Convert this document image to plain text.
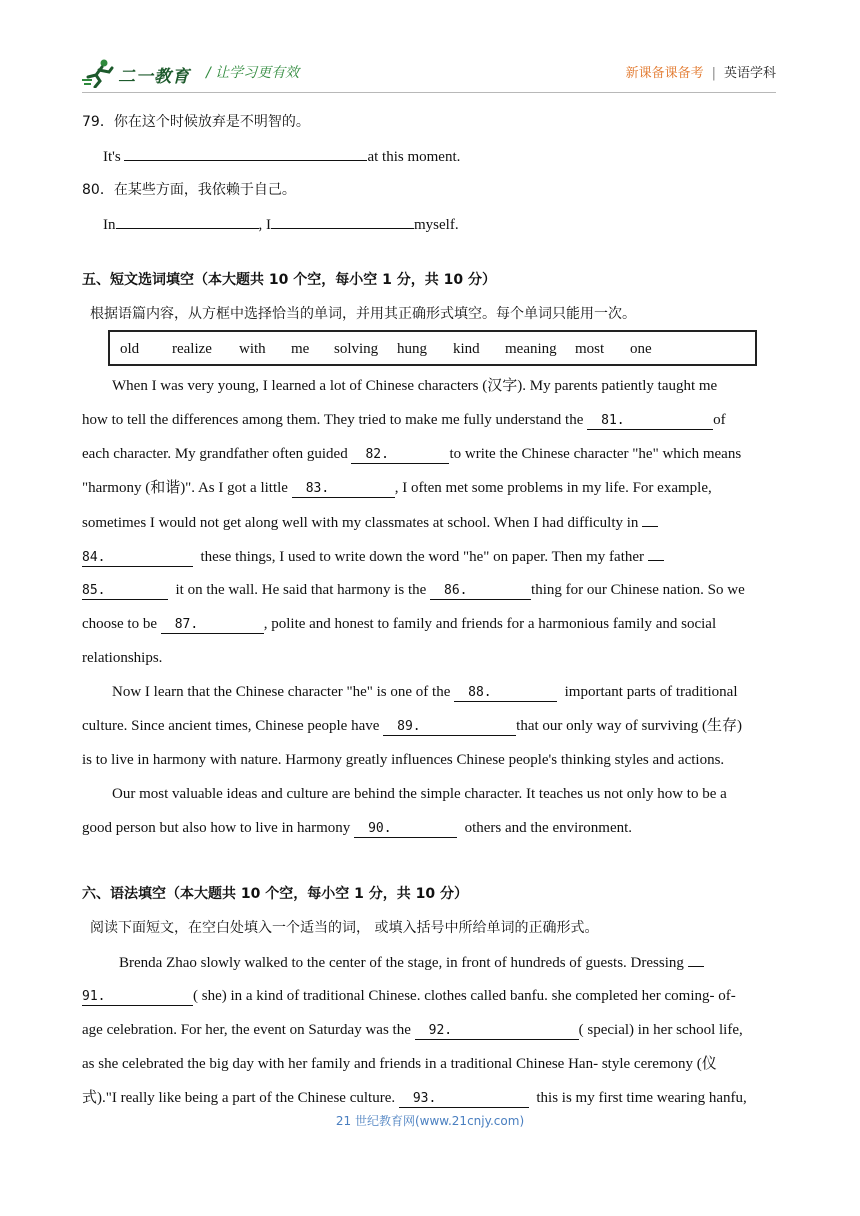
二一教育 / 让学习更有效	新课备课备考 | 英语学科
79．你在这个时候放弃是不明智的。
It's	at this moment.
80．在某些方面，我依赖于自己。
In	, I	myself.
五、短文选词填空（本大题共 10 个空，每小空 1 分，共 10 分）
根据语篇内容，从方框中选择恰当的单词，并用其正确形式填空。每个单词只能用一次。
old realize with me solving hung kind meaning most one
When I was very young, I learned a lot of Chinese characters (汉字). My parents patiently taught me
how to tell the differences among them. They tried to make me fully understand the 81.	of
each character. My grandfather often guided 82.	to write the Chinese character "he" which means
"harmony (和谐)". As I got a little 83.	, I often met some problems in my life. For example,
sometimes I would not get along well with my classmates at school. When I had difficulty in
84.	these things, I used to write down the word "he" on paper. Then my father
85.	it on the wall. He said that harmony is the 86.	thing for our Chinese nation. So we
choose to be 87.	, polite and honest to family and friends for a harmonious family and social
relationships.
Now I learn that the Chinese character "he" is one of the 88.	important parts of traditional
culture. Since ancient times, Chinese people have 89.	that our only way of surviving (生存)
is to live in harmony with nature. Harmony greatly influences Chinese people's thinking styles and actions.
Our most valuable ideas and culture are behind the simple character. It teaches us not only how to be a
good person but also how to live in harmony 90.	others and the environment.
六、语法填空（本大题共 10 个空，每小空 1 分，共 10 分）
阅读下面短文，在空白处填入一个适当的词， 或填入括号中所给单词的正确形式。
Brenda Zhao slowly walked to the center of the stage, in front of hundreds of guests. Dressing
91.	( she) in a kind of traditional Chinese. clothes called banfu. she completed her coming- of-
age celebration. For her, the event on Saturday was the 92.	( special) in her school life,
as she celebrated the big day with her family and friends in a traditional Chinese Han- style ceremony (仪
式)."I really like being a part of the Chinese culture. 93.	this is my first time wearing hanfu,
21 世纪教育网(www.21cnjy.com)
